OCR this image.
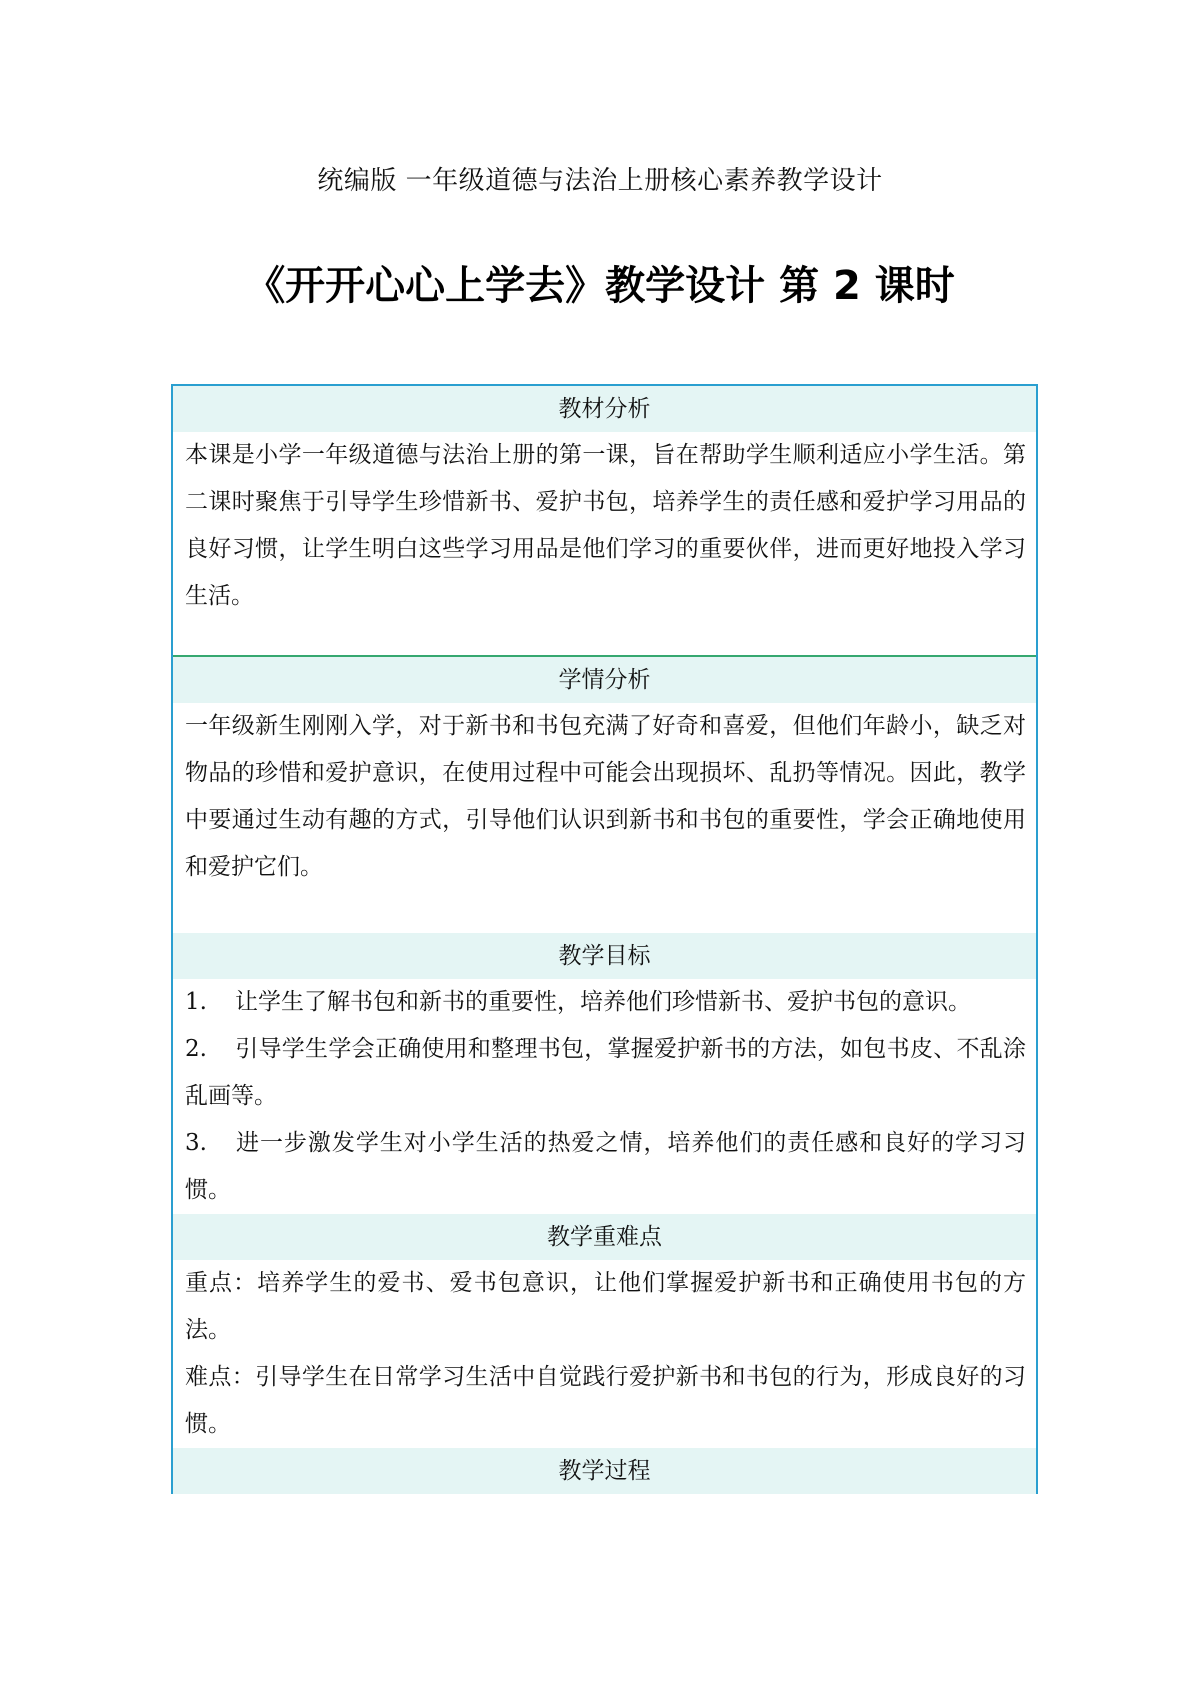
统编版 一年级道德与法治上册核心素养教学设计
《开开心心上学去》教学设计 第 2 课时
教材分析
本课是小学一年级道德与法治上册的第一课，旨在帮助学生顺利适应小学生活。第二课时聚焦于引导学生珍惜新书、爱护书包，培养学生的责任感和爱护学习用品的良好习惯，让学生明白这些学习用品是他们学习的重要伙伴，进而更好地投入学习生活。
学情分析
一年级新生刚刚入学，对于新书和书包充满了好奇和喜爱，但他们年龄小，缺乏对物品的珍惜和爱护意识，在使用过程中可能会出现损坏、乱扔等情况。因此，教学中要通过生动有趣的方式，引导他们认识到新书和书包的重要性，学会正确地使用和爱护它们。
教学目标
1. 让学生了解书包和新书的重要性，培养他们珍惜新书、爱护书包的意识。
2. 引导学生学会正确使用和整理书包，掌握爱护新书的方法，如包书皮、不乱涂乱画等。
3. 进一步激发学生对小学生活的热爱之情，培养他们的责任感和良好的学习习惯。
教学重难点
重点：培养学生的爱书、爱书包意识，让他们掌握爱护新书和正确使用书包的方法。
难点：引导学生在日常学习生活中自觉践行爱护新书和书包的行为，形成良好的习惯。
教学过程
